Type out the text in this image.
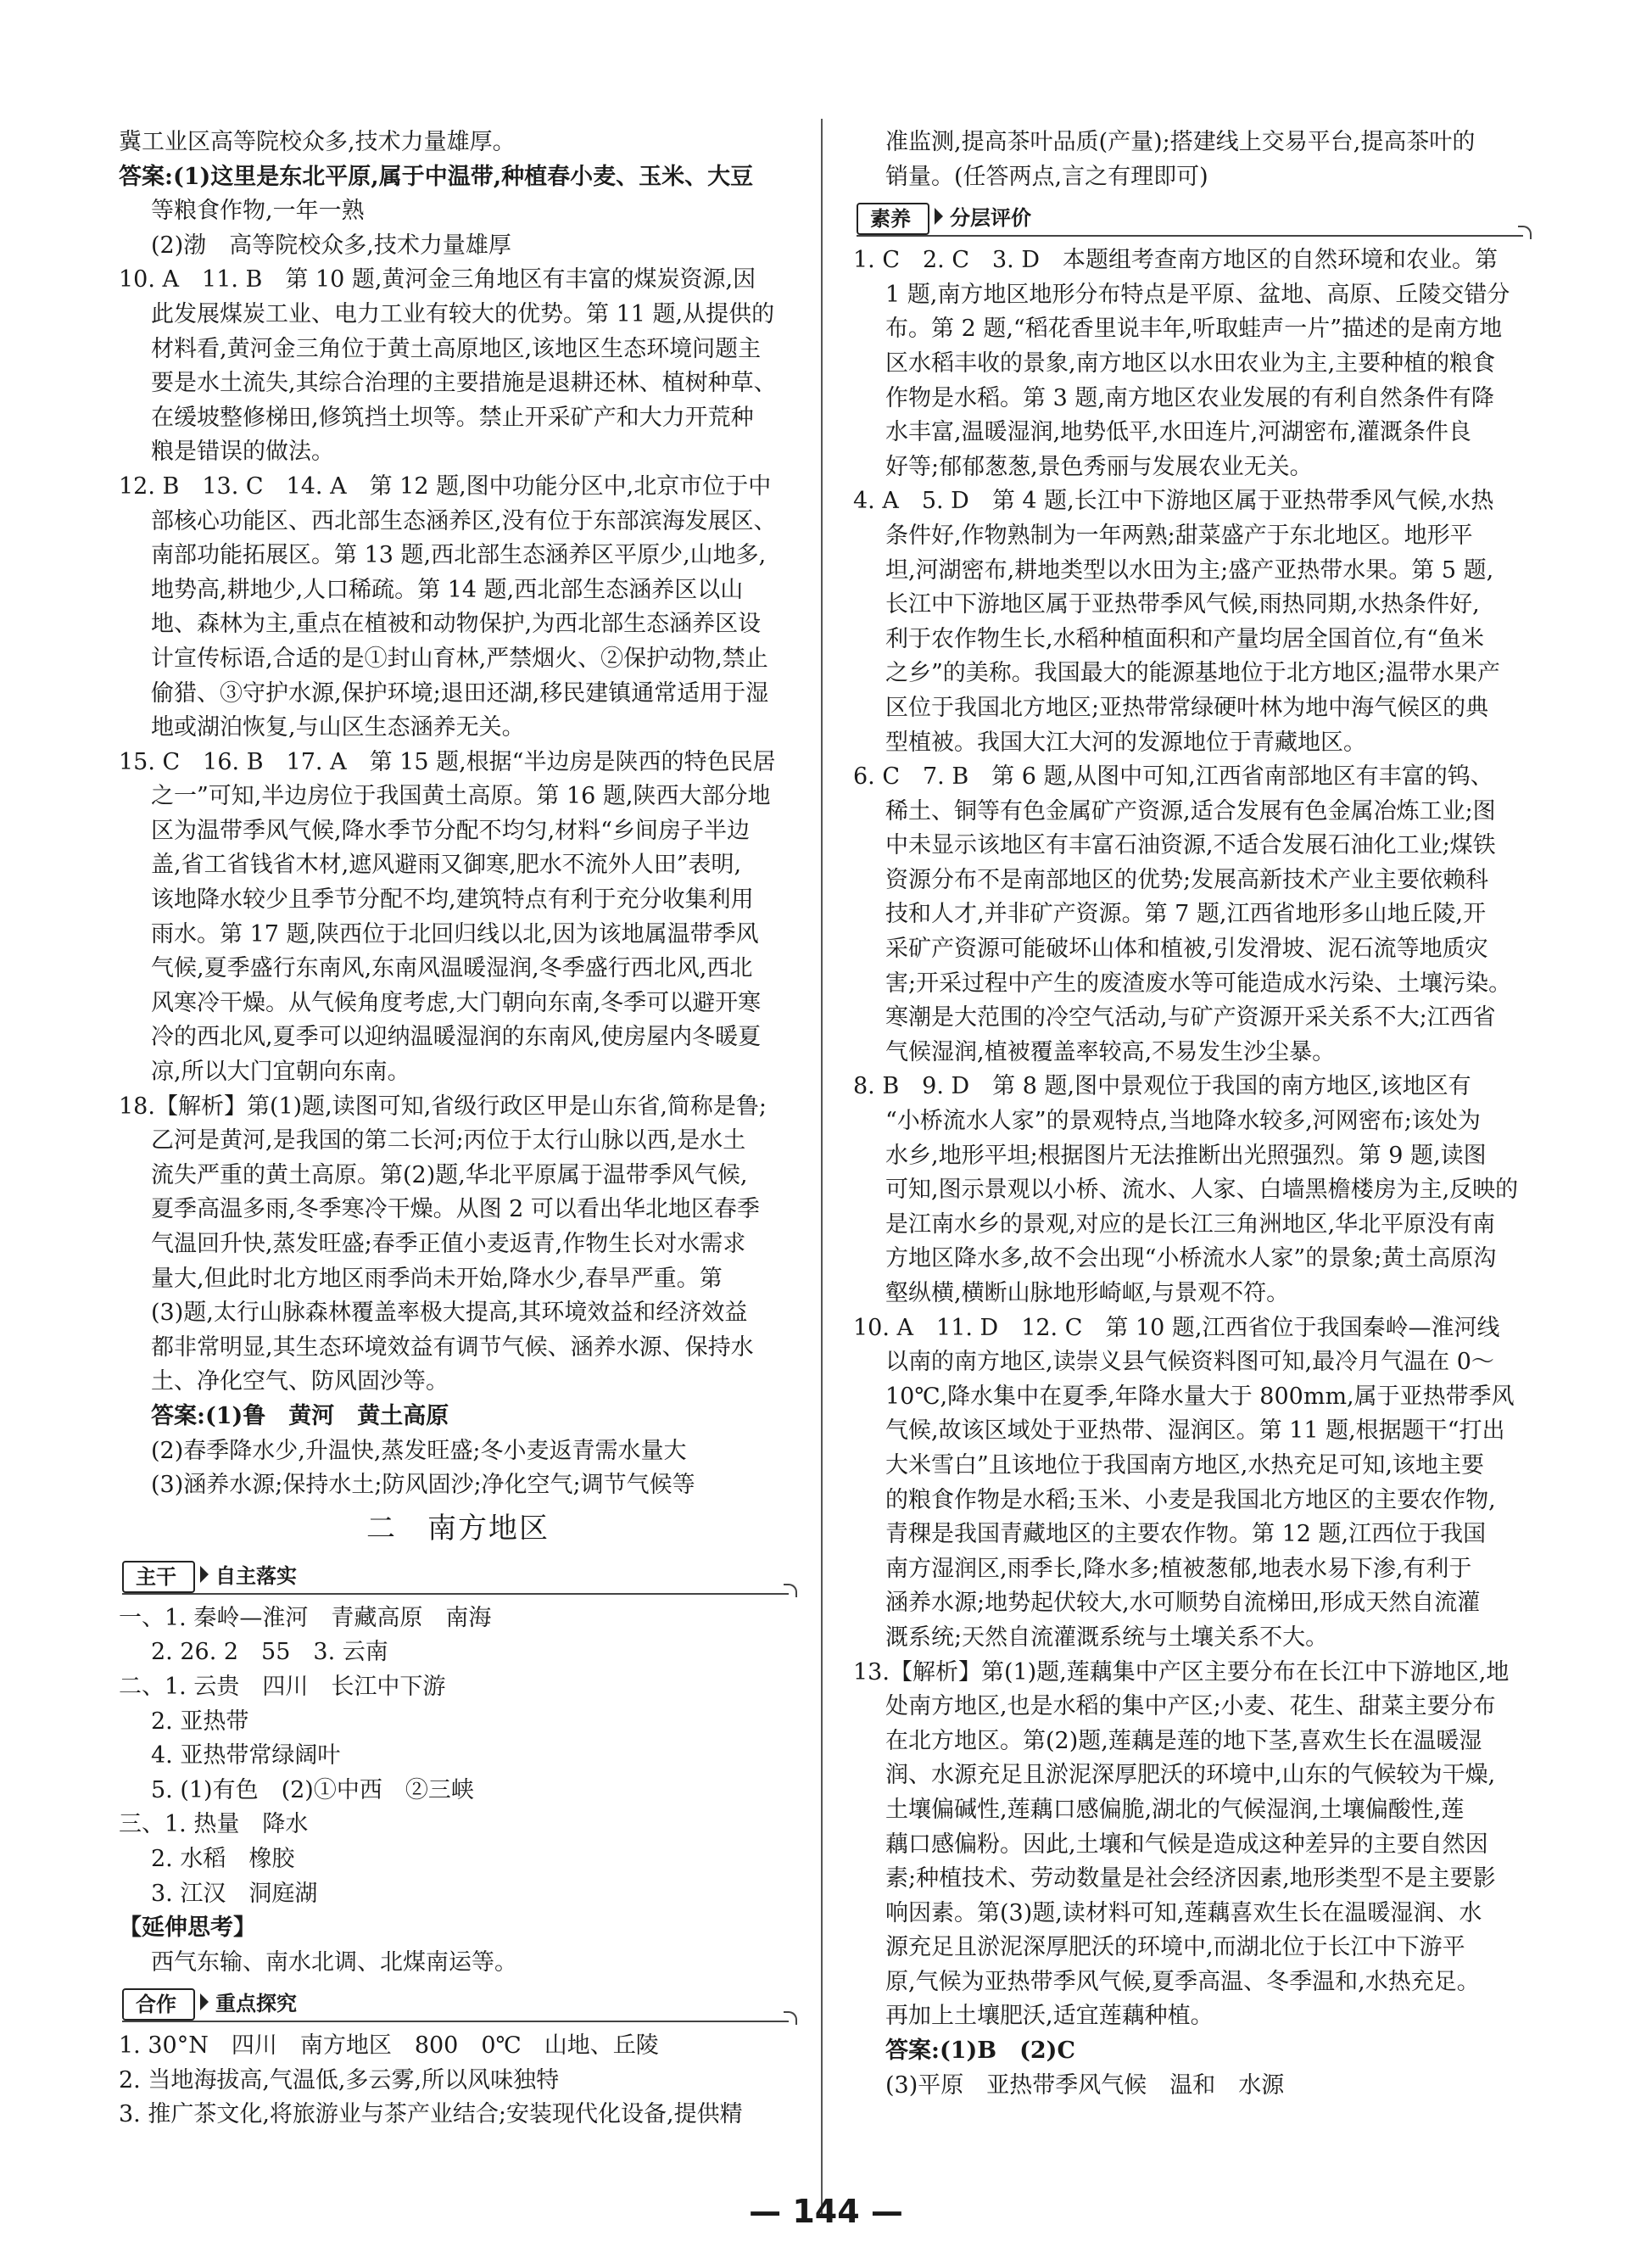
冀工业区高等院校众多,技术力量雄厚。
答案:(1)这里是东北平原,属于中温带,种植春小麦、玉米、大豆
等粮食作物,一年一熟
(2)渤　高等院校众多,技术力量雄厚
10. A　11. B　第 10 题,黄河金三角地区有丰富的煤炭资源,因
此发展煤炭工业、电力工业有较大的优势。第 11 题,从提供的
材料看,黄河金三角位于黄土高原地区,该地区生态环境问题主
要是水土流失,其综合治理的主要措施是退耕还林、植树种草、
在缓坡整修梯田,修筑挡土坝等。禁止开采矿产和大力开荒种
粮是错误的做法。
12. B　13. C　14. A　第 12 题,图中功能分区中,北京市位于中
部核心功能区、西北部生态涵养区,没有位于东部滨海发展区、
南部功能拓展区。第 13 题,西北部生态涵养区平原少,山地多,
地势高,耕地少,人口稀疏。第 14 题,西北部生态涵养区以山
地、森林为主,重点在植被和动物保护,为西北部生态涵养区设
计宣传标语,合适的是①封山育林,严禁烟火、②保护动物,禁止
偷猎、③守护水源,保护环境;退田还湖,移民建镇通常适用于湿
地或湖泊恢复,与山区生态涵养无关。
15. C　16. B　17. A　第 15 题,根据“半边房是陕西的特色民居
之一”可知,半边房位于我国黄土高原。第 16 题,陕西大部分地
区为温带季风气候,降水季节分配不均匀,材料“乡间房子半边
盖,省工省钱省木材,遮风避雨又御寒,肥水不流外人田”表明,
该地降水较少且季节分配不均,建筑特点有利于充分收集利用
雨水。第 17 题,陕西位于北回归线以北,因为该地属温带季风
气候,夏季盛行东南风,东南风温暖湿润,冬季盛行西北风,西北
风寒冷干燥。从气候角度考虑,大门朝向东南,冬季可以避开寒
冷的西北风,夏季可以迎纳温暖湿润的东南风,使房屋内冬暖夏
凉,所以大门宜朝向东南。
18.【解析】第(1)题,读图可知,省级行政区甲是山东省,简称是鲁;
乙河是黄河,是我国的第二长河;丙位于太行山脉以西,是水土
流失严重的黄土高原。第(2)题,华北平原属于温带季风气候,
夏季高温多雨,冬季寒冷干燥。从图 2 可以看出华北地区春季
气温回升快,蒸发旺盛;春季正值小麦返青,作物生长对水需求
量大,但此时北方地区雨季尚未开始,降水少,春旱严重。第
(3)题,太行山脉森林覆盖率极大提高,其环境效益和经济效益
都非常明显,其生态环境效益有调节气候、涵养水源、保持水
土、净化空气、防风固沙等。
答案:(1)鲁　黄河　黄土高原
(2)春季降水少,升温快,蒸发旺盛;冬小麦返青需水量大
(3)涵养水源;保持水土;防风固沙;净化空气;调节气候等
二　南方地区
主干	自主落实
一、1. 秦岭—淮河　青藏高原　南海
2. 26. 2　55　3. 云南
二、1. 云贵　四川　长江中下游
2. 亚热带
4. 亚热带常绿阔叶
5. (1)有色　(2)①中西　②三峡
三、1. 热量　降水
2. 水稻　橡胶
3. 江汉　洞庭湖
【延伸思考】
西气东输、南水北调、北煤南运等。
合作	重点探究
1. 30°N　四川　南方地区　800　0℃　山地、丘陵
2. 当地海拔高,气温低,多云雾,所以风味独特
3. 推广茶文化,将旅游业与茶产业结合;安装现代化设备,提供精
准监测,提高茶叶品质(产量);搭建线上交易平台,提高茶叶的
销量。(任答两点,言之有理即可)
素养	分层评价
1. C　2. C　3. D　本题组考查南方地区的自然环境和农业。第
1 题,南方地区地形分布特点是平原、盆地、高原、丘陵交错分
布。第 2 题,“稻花香里说丰年,听取蛙声一片”描述的是南方地
区水稻丰收的景象,南方地区以水田农业为主,主要种植的粮食
作物是水稻。第 3 题,南方地区农业发展的有利自然条件有降
水丰富,温暖湿润,地势低平,水田连片,河湖密布,灌溉条件良
好等;郁郁葱葱,景色秀丽与发展农业无关。
4. A　5. D　第 4 题,长江中下游地区属于亚热带季风气候,水热
条件好,作物熟制为一年两熟;甜菜盛产于东北地区。地形平
坦,河湖密布,耕地类型以水田为主;盛产亚热带水果。第 5 题,
长江中下游地区属于亚热带季风气候,雨热同期,水热条件好,
利于农作物生长,水稻种植面积和产量均居全国首位,有“鱼米
之乡”的美称。我国最大的能源基地位于北方地区;温带水果产
区位于我国北方地区;亚热带常绿硬叶林为地中海气候区的典
型植被。我国大江大河的发源地位于青藏地区。
6. C　7. B　第 6 题,从图中可知,江西省南部地区有丰富的钨、
稀土、铜等有色金属矿产资源,适合发展有色金属冶炼工业;图
中未显示该地区有丰富石油资源,不适合发展石油化工业;煤铁
资源分布不是南部地区的优势;发展高新技术产业主要依赖科
技和人才,并非矿产资源。第 7 题,江西省地形多山地丘陵,开
采矿产资源可能破坏山体和植被,引发滑坡、泥石流等地质灾
害;开采过程中产生的废渣废水等可能造成水污染、土壤污染。
寒潮是大范围的冷空气活动,与矿产资源开采关系不大;江西省
气候湿润,植被覆盖率较高,不易发生沙尘暴。
8. B　9. D　第 8 题,图中景观位于我国的南方地区,该地区有
“小桥流水人家”的景观特点,当地降水较多,河网密布;该处为
水乡,地形平坦;根据图片无法推断出光照强烈。第 9 题,读图
可知,图示景观以小桥、流水、人家、白墙黑檐楼房为主,反映的
是江南水乡的景观,对应的是长江三角洲地区,华北平原没有南
方地区降水多,故不会出现“小桥流水人家”的景象;黄土高原沟
壑纵横,横断山脉地形崎岖,与景观不符。
10. A　11. D　12. C　第 10 题,江西省位于我国秦岭—淮河线
以南的南方地区,读崇义县气候资料图可知,最冷月气温在 0～
10℃,降水集中在夏季,年降水量大于 800mm,属于亚热带季风
气候,故该区域处于亚热带、湿润区。第 11 题,根据题干“打出
大米雪白”且该地位于我国南方地区,水热充足可知,该地主要
的粮食作物是水稻;玉米、小麦是我国北方地区的主要农作物,
青稞是我国青藏地区的主要农作物。第 12 题,江西位于我国
南方湿润区,雨季长,降水多;植被葱郁,地表水易下渗,有利于
涵养水源;地势起伏较大,水可顺势自流梯田,形成天然自流灌
溉系统;天然自流灌溉系统与土壤关系不大。
13.【解析】第(1)题,莲藕集中产区主要分布在长江中下游地区,地
处南方地区,也是水稻的集中产区;小麦、花生、甜菜主要分布
在北方地区。第(2)题,莲藕是莲的地下茎,喜欢生长在温暖湿
润、水源充足且淤泥深厚肥沃的环境中,山东的气候较为干燥,
土壤偏碱性,莲藕口感偏脆,湖北的气候湿润,土壤偏酸性,莲
藕口感偏粉。因此,土壤和气候是造成这种差异的主要自然因
素;种植技术、劳动数量是社会经济因素,地形类型不是主要影
响因素。第(3)题,读材料可知,莲藕喜欢生长在温暖湿润、水
源充足且淤泥深厚肥沃的环境中,而湖北位于长江中下游平
原,气候为亚热带季风气候,夏季高温、冬季温和,水热充足。
再加上土壤肥沃,适宜莲藕种植。
答案:(1)B　(2)C
(3)平原　亚热带季风气候　温和　水源
— 144 —
